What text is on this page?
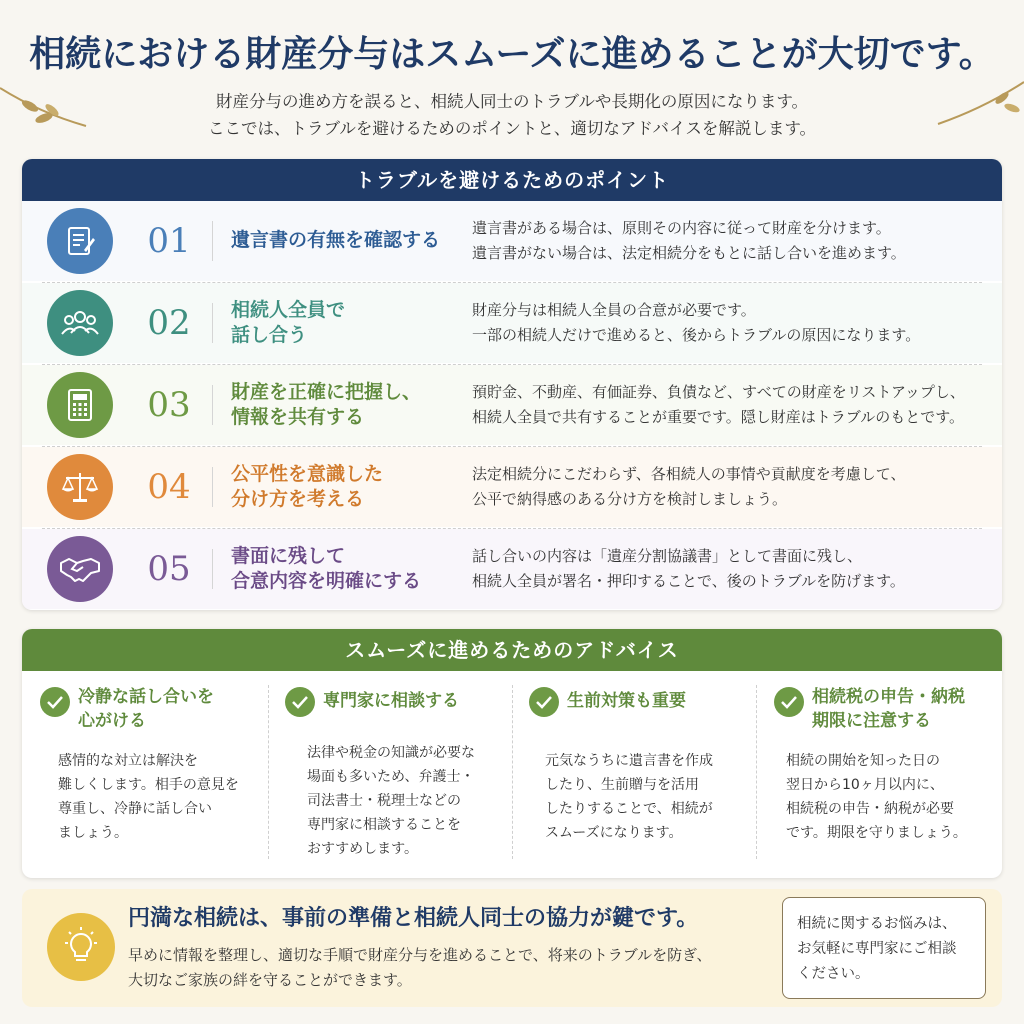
相続における財産分与はスムーズに進めることが大切です。
財産分与の進め方を誤ると、相続人同士のトラブルや長期化の原因になります。
ここでは、トラブルを避けるためのポイントと、適切なアドバイスを解説します。
トラブルを避けるためのポイント
01	遺言書の有無を確認する
遺言書がある場合は、原則その内容に従って財産を分けます。
遺言書がない場合は、法定相続分をもとに話し合いを進めます。
02	相続人全員で
話し合う
財産分与は相続人全員の合意が必要です。
一部の相続人だけで進めると、後からトラブルの原因になります。
03	財産を正確に把握し、
情報を共有する
預貯金、不動産、有価証券、負債など、すべての財産をリストアップし、
相続人全員で共有することが重要です。隠し財産はトラブルのもとです。
04	公平性を意識した
分け方を考える
法定相続分にこだわらず、各相続人の事情や貢献度を考慮して、
公平で納得感のある分け方を検討しましょう。
05	書面に残して
合意内容を明確にする
話し合いの内容は「遺産分割協議書」として書面に残し、
相続人全員が署名・押印することで、後のトラブルを防げます。
スムーズに進めるためのアドバイス
冷静な話し合いを
心がける
感情的な対立は解決を
難しくします。相手の意見を
尊重し、冷静に話し合い
ましょう。
専門家に相談する
法律や税金の知識が必要な
場面も多いため、弁護士・
司法書士・税理士などの
専門家に相談することを
おすすめします。
生前対策も重要
元気なうちに遺言書を作成
したり、生前贈与を活用
したりすることで、相続が
スムーズになります。
相続税の申告・納税
期限に注意する
相続の開始を知った日の
翌日から10ヶ月以内に、
相続税の申告・納税が必要
です。期限を守りましょう。
円満な相続は、事前の準備と相続人同士の協力が鍵です。
早めに情報を整理し、適切な手順で財産分与を進めることで、将来のトラブルを防ぎ、
大切なご家族の絆を守ることができます。
相続に関するお悩みは、
お気軽に専門家にご相談
ください。
